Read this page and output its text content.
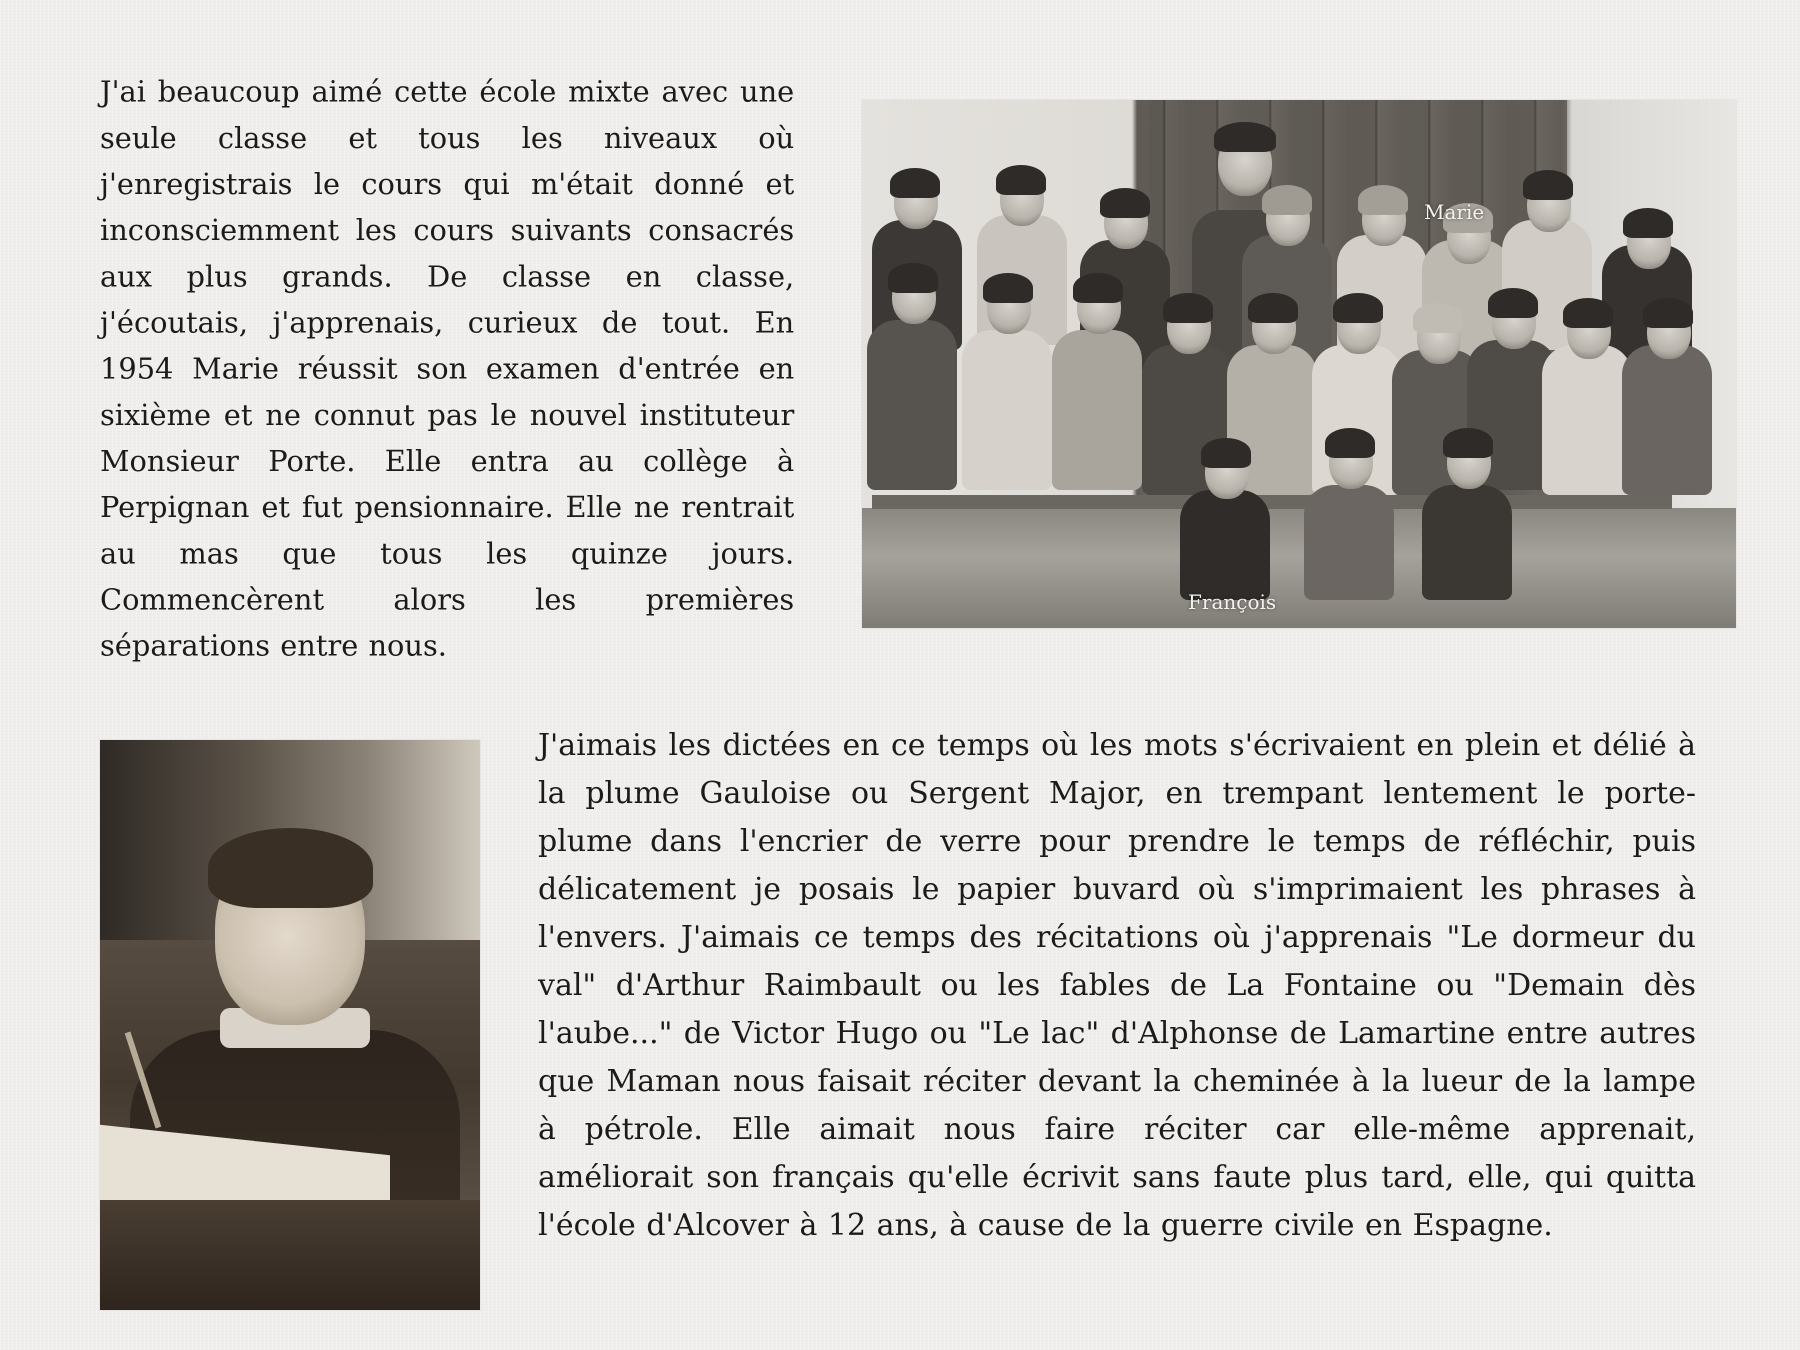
J'ai beaucoup aimé cette école mixte avec une seule classe et tous les niveaux où j'enregistrais le cours qui m'était donné et inconsciemment les cours suivants consacrés aux plus grands. De classe en classe, j'écoutais, j'apprenais, curieux de tout. En 1954 Marie réussit son examen d'entrée en sixième et ne connut pas le nouvel instituteur Monsieur Porte. Elle entra au collège à Perpignan et fut pensionnaire. Elle ne rentrait au mas que tous les quinze jours. Commencèrent alors les premières séparations entre nous.

Marie
François

J'aimais les dictées en ce temps où les mots s'écrivaient en plein et délié à la plume Gauloise ou Sergent Major, en trempant lentement le porte-plume dans l'encrier de verre pour prendre le temps de réfléchir, puis délicatement je posais le papier buvard où s'imprimaient les phrases à l'envers. J'aimais ce temps des récitations où j'apprenais "Le dormeur du val" d'Arthur Raimbault ou les fables de La Fontaine ou "Demain dès l'aube..." de Victor Hugo ou "Le lac" d'Alphonse de Lamartine entre autres que Maman nous faisait réciter devant la cheminée à la lueur de la lampe à pétrole. Elle aimait nous faire réciter car elle-même apprenait, améliorait son français qu'elle écrivit sans faute plus tard, elle, qui quitta l'école d'Alcover à 12 ans, à cause de la guerre civile en Espagne.
